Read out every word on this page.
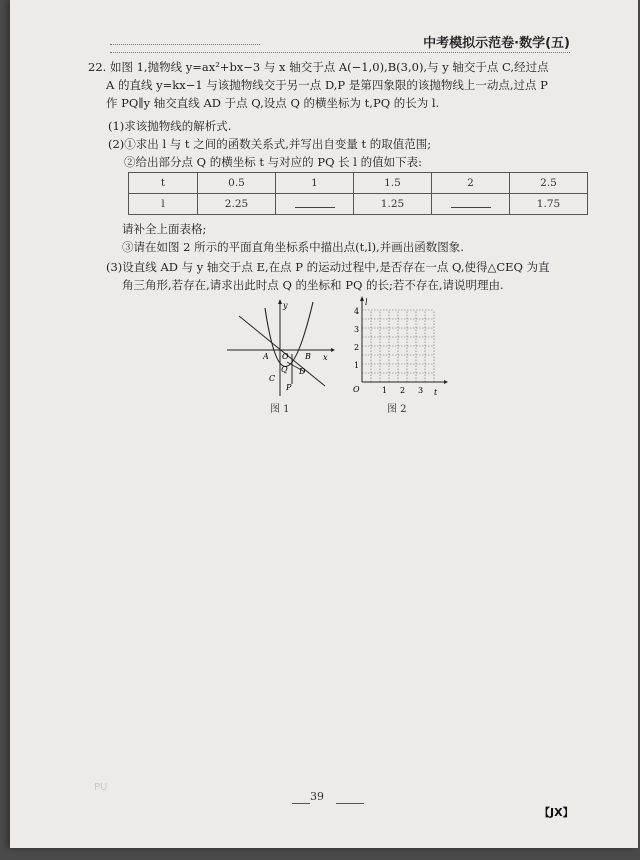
中考模拟示范卷·数学(五)
22. 如图 1,抛物线 y=ax²+bx−3 与 x 轴交于点 A(−1,0),B(3,0),与 y 轴交于点 C,经过点
A 的直线 y=kx−1 与该抛物线交于另一点 D,P 是第四象限的该抛物线上一动点,过点 P
作 PQ∥y 轴交直线 AD 于点 Q,设点 Q 的横坐标为 t,PQ 的长为 l.
(1)求该抛物线的解析式.
(2)①求出 l 与 t 之间的函数关系式,并写出自变量 t 的取值范围;
②给出部分点 Q 的横坐标 t 与对应的 PQ 长 l 的值如下表:
t	0.5	1	1.5	2	2.5
l	2.25		1.25		1.75
请补全上面表格;
③请在如图 2 所示的平面直角坐标系中描出点(t,l),并画出函数图象.
(3)设直线 AD 与 y 轴交于点 E,在点 P 的运动过程中,是否存在一点 Q,使得△CEQ 为直
角三角形,若存在,请求出此时点 Q 的坐标和 PQ 的长;若不存在,请说明理由.
y
x
O
A	B
C
Q D
P
图 1
l
t
O
1
2
3
4
1 2 3
图 2
PU
39
【JX】
